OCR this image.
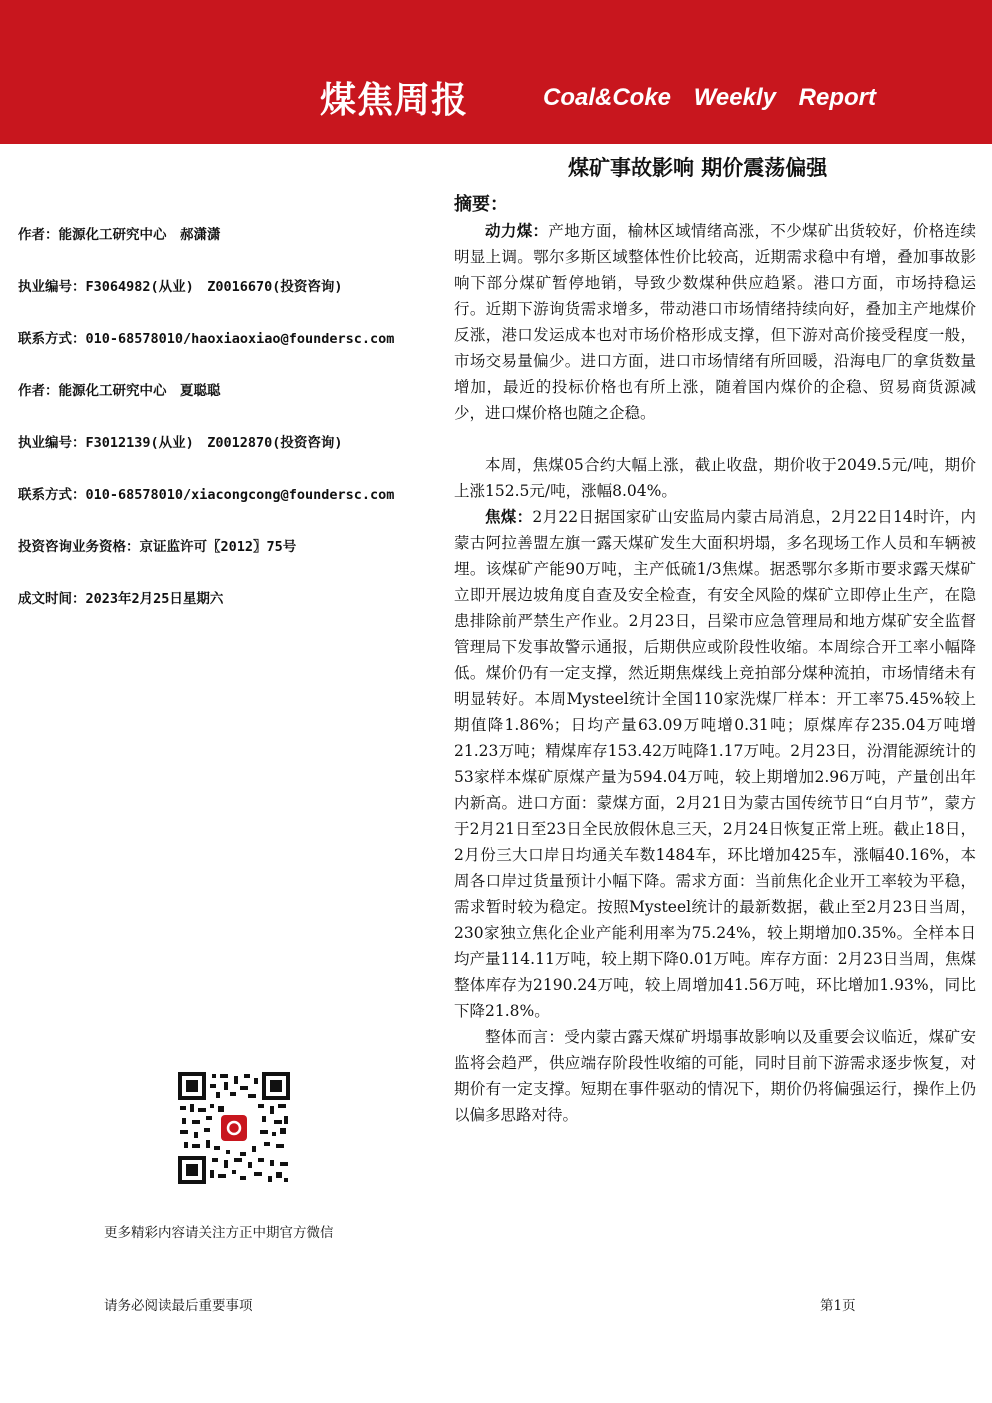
煤焦周报	Coal&Coke Weekly Report
煤矿事故影响 期价震荡偏强
作者：能源化工研究中心　郝潇潇
执业编号：F3064982(从业)　Z0016670(投资咨询)
联系方式：010-68578010/haoxiaoxiao@foundersc.com
作者：能源化工研究中心　夏聪聪
执业编号：F3012139(从业)　Z0012870(投资咨询)
联系方式：010-68578010/xiacongcong@foundersc.com
投资咨询业务资格：京证监许可〖2012〗75号
成文时间：2023年2月25日星期六
更多精彩内容请关注方正中期官方微信
摘要：

动力煤：产地方面，榆林区域情绪高涨，不少煤矿出货较好，价格连续明显上调。鄂尔多斯区域整体性价比较高，近期需求稳中有增，叠加事故影响下部分煤矿暂停地销，导致少数煤种供应趋紧。港口方面，市场持稳运行。近期下游询货需求增多，带动港口市场情绪持续向好，叠加主产地煤价反涨，港口发运成本也对市场价格形成支撑，但下游对高价接受程度一般，市场交易量偏少。进口方面，进口市场情绪有所回暖，沿海电厂的拿货数量增加，最近的投标价格也有所上涨，随着国内煤价的企稳、贸易商货源减少，进口煤价格也随之企稳。

本周，焦煤05合约大幅上涨，截止收盘，期价收于2049.5元/吨，期价上涨152.5元/吨，涨幅8.04%。

焦煤：2月22日据国家矿山安监局内蒙古局消息，2月22日14时许，内蒙古阿拉善盟左旗一露天煤矿发生大面积坍塌，多名现场工作人员和车辆被埋。该煤矿产能90万吨，主产低硫1/3焦煤。据悉鄂尔多斯市要求露天煤矿立即开展边坡角度自查及安全检查，有安全风险的煤矿立即停止生产，在隐患排除前严禁生产作业。2月23日，吕梁市应急管理局和地方煤矿安全监督管理局下发事故警示通报，后期供应或阶段性收缩。本周综合开工率小幅降低。煤价仍有一定支撑，然近期焦煤线上竞拍部分煤种流拍，市场情绪未有明显转好。本周Mysteel统计全国110家洗煤厂样本：开工率75.45%较上期值降1.86%；日均产量63.09万吨增0.31吨；原煤库存235.04万吨增21.23万吨；精煤库存153.42万吨降1.17万吨。2月23日，汾渭能源统计的53家样本煤矿原煤产量为594.04万吨，较上期增加2.96万吨，产量创出年内新高。进口方面：蒙煤方面，2月21日为蒙古国传统节日“白月节”，蒙方于2月21日至23日全民放假休息三天，2月24日恢复正常上班。截止18日，2月份三大口岸日均通关车数1484车，环比增加425车，涨幅40.16%，本周各口岸过货量预计小幅下降。需求方面：当前焦化企业开工率较为平稳，需求暂时较为稳定。按照Mysteel统计的最新数据，截止至2月23日当周，230家独立焦化企业产能利用率为75.24%，较上期增加0.35%。全样本日均产量114.11万吨，较上期下降0.01万吨。库存方面：2月23日当周，焦煤整体库存为2190.24万吨，较上周增加41.56万吨，环比增加1.93%，同比下降21.8%。

整体而言：受内蒙古露天煤矿坍塌事故影响以及重要会议临近，煤矿安监将会趋严，供应端存阶段性收缩的可能，同时目前下游需求逐步恢复，对期价有一定支撑。短期在事件驱动的情况下，期价仍将偏强运行，操作上仍以偏多思路对待。

请务必阅读最后重要事项	第1页
